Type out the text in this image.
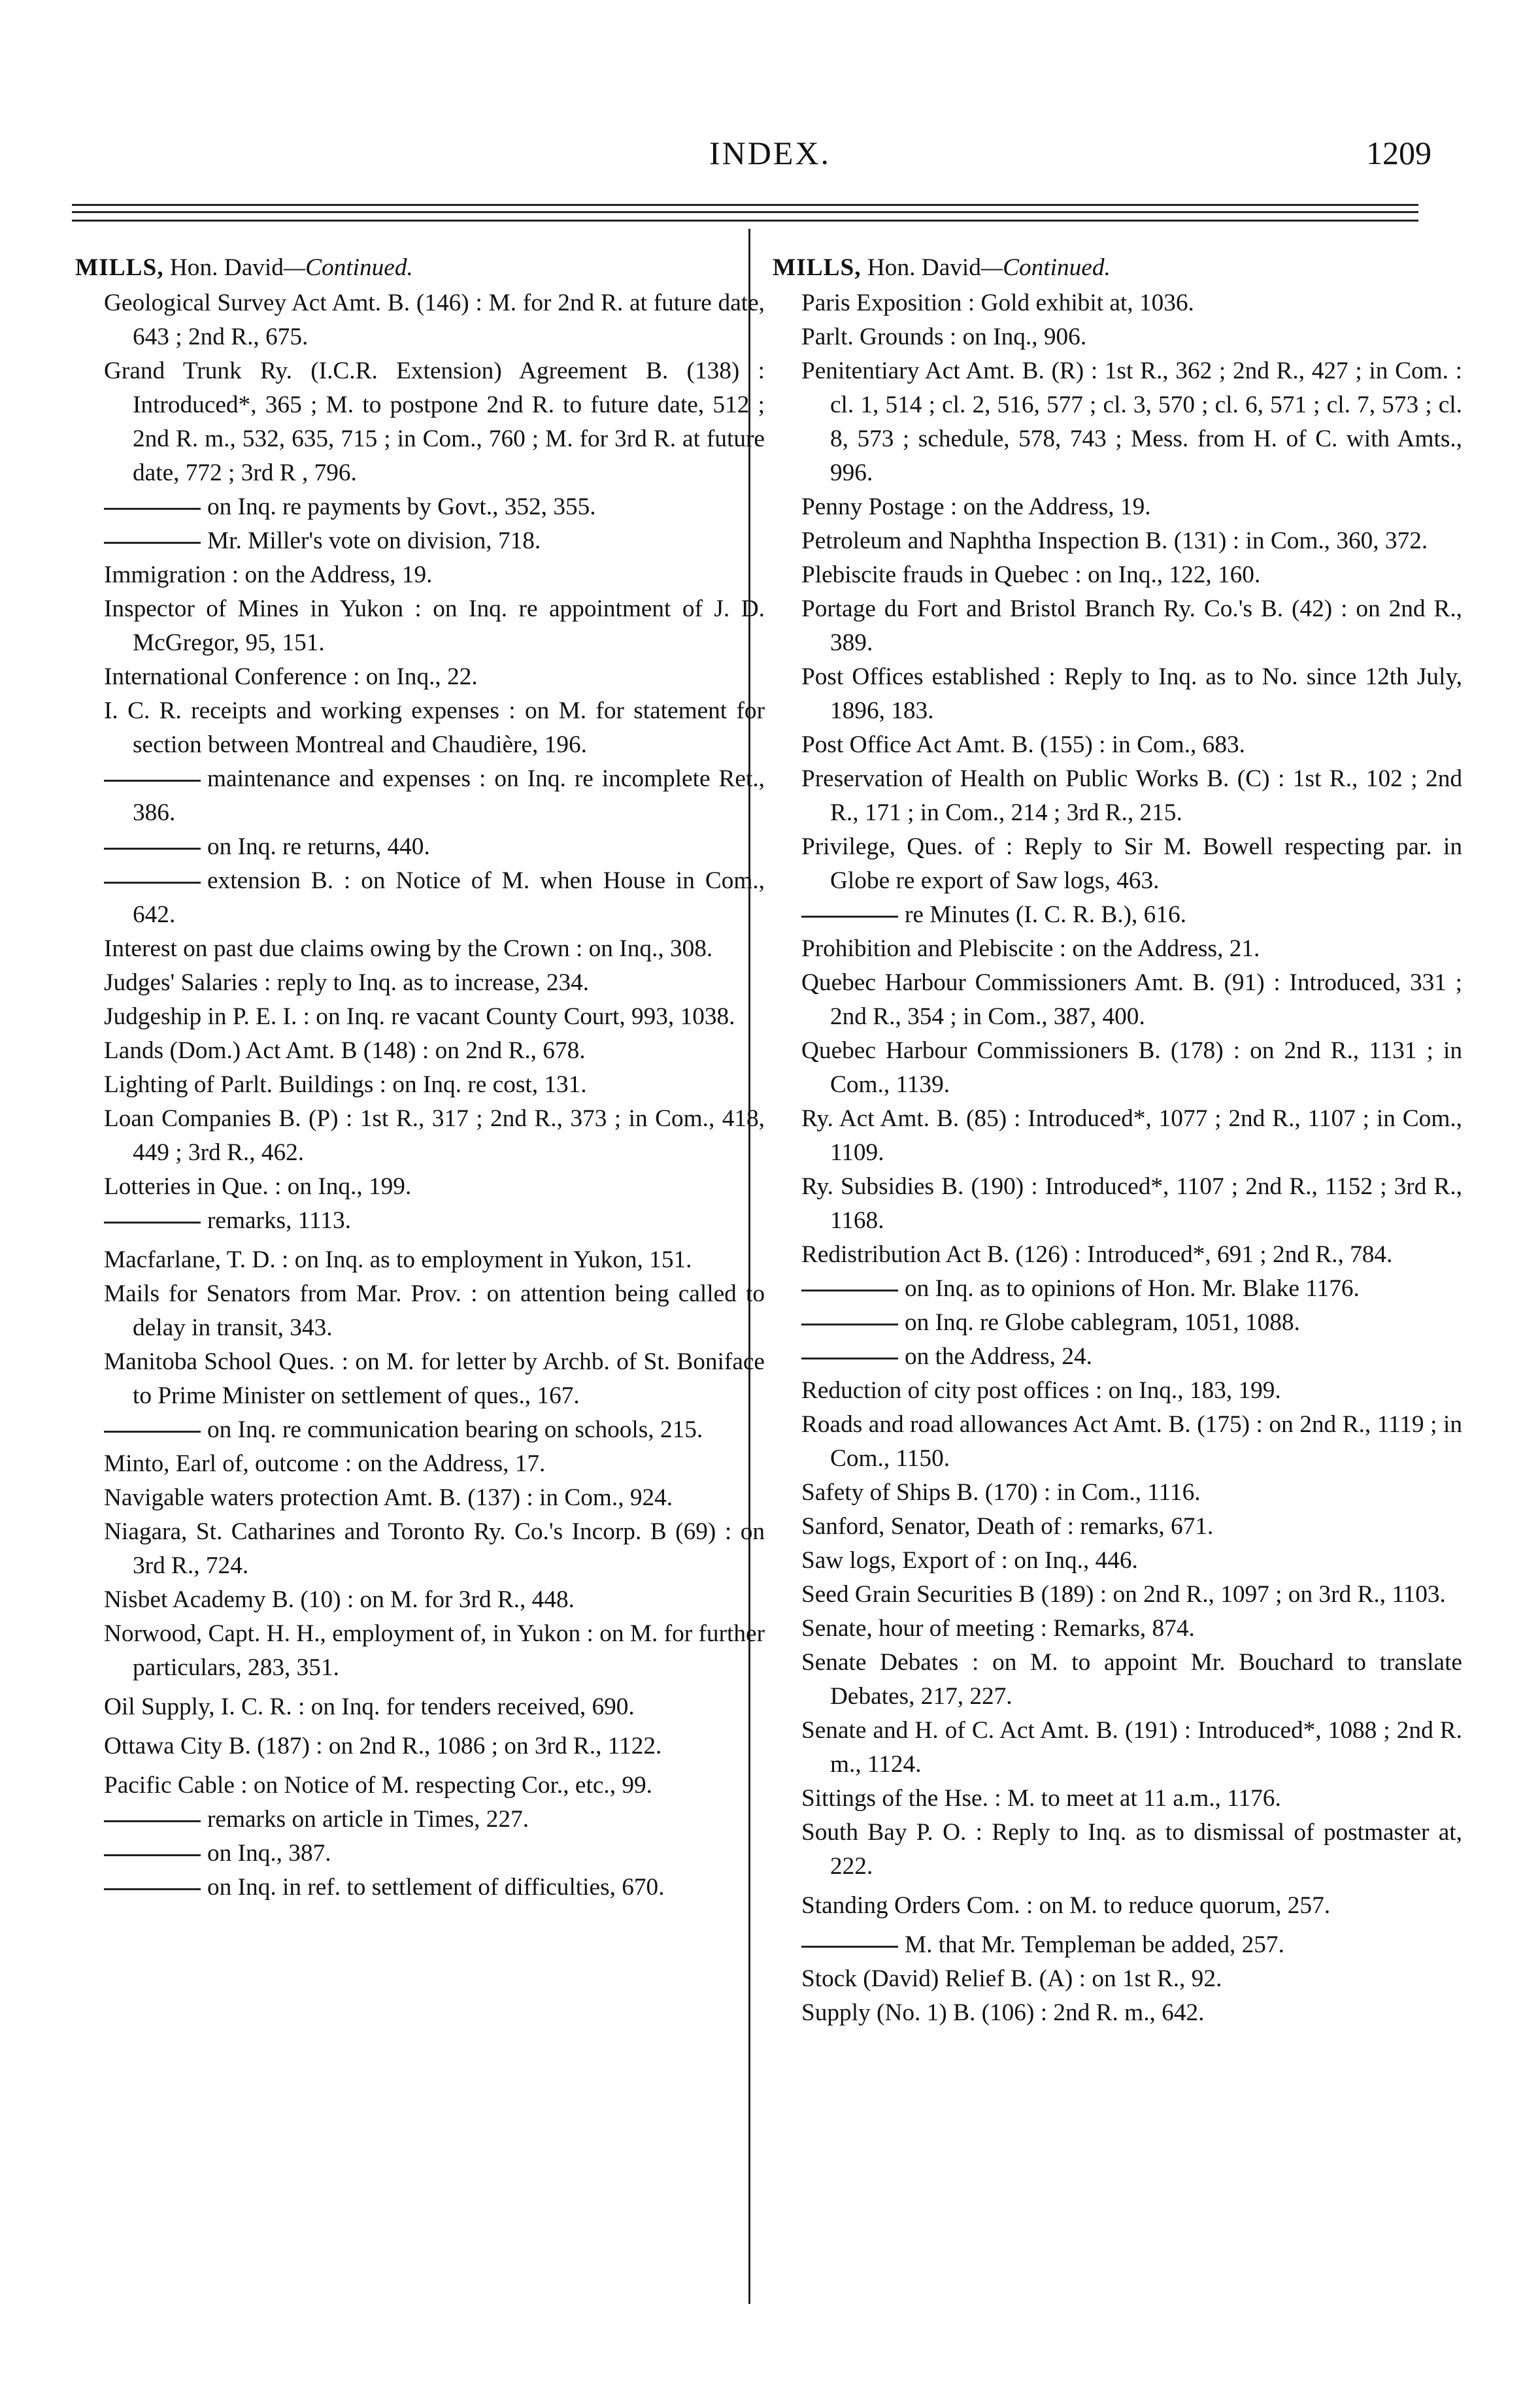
INDEX.	1209
MILLS, Hon. David—Continued.
Geological Survey Act Amt. B. (146) : M. for 2nd R. at future date, 643 ; 2nd R., 675.
Grand Trunk Ry. (I.C.R. Extension) Agreement B. (138) : Introduced*, 365 ; M. to postpone 2nd R. to future date, 512 ; 2nd R. m., 532, 635, 715 ; in Com., 760 ; M. for 3rd R. at future date, 772 ; 3rd R , 796.
on Inq. re payments by Govt., 352, 355.
Mr. Miller's vote on division, 718.
Immigration : on the Address, 19.
Inspector of Mines in Yukon : on Inq. re appointment of J. D. McGregor, 95, 151.
International Conference : on Inq., 22.
I. C. R. receipts and working expenses : on M. for statement for section between Montreal and Chaudière, 196.
maintenance and expenses : on Inq. re incomplete Ret., 386.
on Inq. re returns, 440.
extension B. : on Notice of M. when House in Com., 642.
Interest on past due claims owing by the Crown : on Inq., 308.
Judges' Salaries : reply to Inq. as to increase, 234.
Judgeship in P. E. I. : on Inq. re vacant County Court, 993, 1038.
Lands (Dom.) Act Amt. B (148) : on 2nd R., 678.
Lighting of Parlt. Buildings : on Inq. re cost, 131.
Loan Companies B. (P) : 1st R., 317 ; 2nd R., 373 ; in Com., 418, 449 ; 3rd R., 462.
Lotteries in Que. : on Inq., 199.
remarks, 1113.
Macfarlane, T. D. : on Inq. as to employment in Yukon, 151.
Mails for Senators from Mar. Prov. : on attention being called to delay in transit, 343.
Manitoba School Ques. : on M. for letter by Archb. of St. Boniface to Prime Minister on settlement of ques., 167.
on Inq. re communication bearing on schools, 215.
Minto, Earl of, outcome : on the Address, 17.
Navigable waters protection Amt. B. (137) : in Com., 924.
Niagara, St. Catharines and Toronto Ry. Co.'s Incorp. B (69) : on 3rd R., 724.
Nisbet Academy B. (10) : on M. for 3rd R., 448.
Norwood, Capt. H. H., employment of, in Yukon : on M. for further particulars, 283, 351.
Oil Supply, I. C. R. : on Inq. for tenders received, 690.
Ottawa City B. (187) : on 2nd R., 1086 ; on 3rd R., 1122.
Pacific Cable : on Notice of M. respecting Cor., etc., 99.
remarks on article in Times, 227.
on Inq., 387.
on Inq. in ref. to settlement of difficulties, 670.
MILLS, Hon. David—Continued.
Paris Exposition : Gold exhibit at, 1036.
Parlt. Grounds : on Inq., 906.
Penitentiary Act Amt. B. (R) : 1st R., 362 ; 2nd R., 427 ; in Com. : cl. 1, 514 ; cl. 2, 516, 577 ; cl. 3, 570 ; cl. 6, 571 ; cl. 7, 573 ; cl. 8, 573 ; schedule, 578, 743 ; Mess. from H. of C. with Amts., 996.
Penny Postage : on the Address, 19.
Petroleum and Naphtha Inspection B. (131) : in Com., 360, 372.
Plebiscite frauds in Quebec : on Inq., 122, 160.
Portage du Fort and Bristol Branch Ry. Co.'s B. (42) : on 2nd R., 389.
Post Offices established : Reply to Inq. as to No. since 12th July, 1896, 183.
Post Office Act Amt. B. (155) : in Com., 683.
Preservation of Health on Public Works B. (C) : 1st R., 102 ; 2nd R., 171 ; in Com., 214 ; 3rd R., 215.
Privilege, Ques. of : Reply to Sir M. Bowell respecting par. in Globe re export of Saw logs, 463.
re Minutes (I. C. R. B.), 616.
Prohibition and Plebiscite : on the Address, 21.
Quebec Harbour Commissioners Amt. B. (91) : Introduced, 331 ; 2nd R., 354 ; in Com., 387, 400.
Quebec Harbour Commissioners B. (178) : on 2nd R., 1131 ; in Com., 1139.
Ry. Act Amt. B. (85) : Introduced*, 1077 ; 2nd R., 1107 ; in Com., 1109.
Ry. Subsidies B. (190) : Introduced*, 1107 ; 2nd R., 1152 ; 3rd R., 1168.
Redistribution Act B. (126) : Introduced*, 691 ; 2nd R., 784.
on Inq. as to opinions of Hon. Mr. Blake 1176.
on Inq. re Globe cablegram, 1051, 1088.
on the Address, 24.
Reduction of city post offices : on Inq., 183, 199.
Roads and road allowances Act Amt. B. (175) : on 2nd R., 1119 ; in Com., 1150.
Safety of Ships B. (170) : in Com., 1116.
Sanford, Senator, Death of : remarks, 671.
Saw logs, Export of : on Inq., 446.
Seed Grain Securities B (189) : on 2nd R., 1097 ; on 3rd R., 1103.
Senate, hour of meeting : Remarks, 874.
Senate Debates : on M. to appoint Mr. Bouchard to translate Debates, 217, 227.
Senate and H. of C. Act Amt. B. (191) : Introduced*, 1088 ; 2nd R. m., 1124.
Sittings of the Hse. : M. to meet at 11 a.m., 1176.
South Bay P. O. : Reply to Inq. as to dismissal of postmaster at, 222.
Standing Orders Com. : on M. to reduce quorum, 257.
M. that Mr. Templeman be added, 257.
Stock (David) Relief B. (A) : on 1st R., 92.
Supply (No. 1) B. (106) : 2nd R. m., 642.
